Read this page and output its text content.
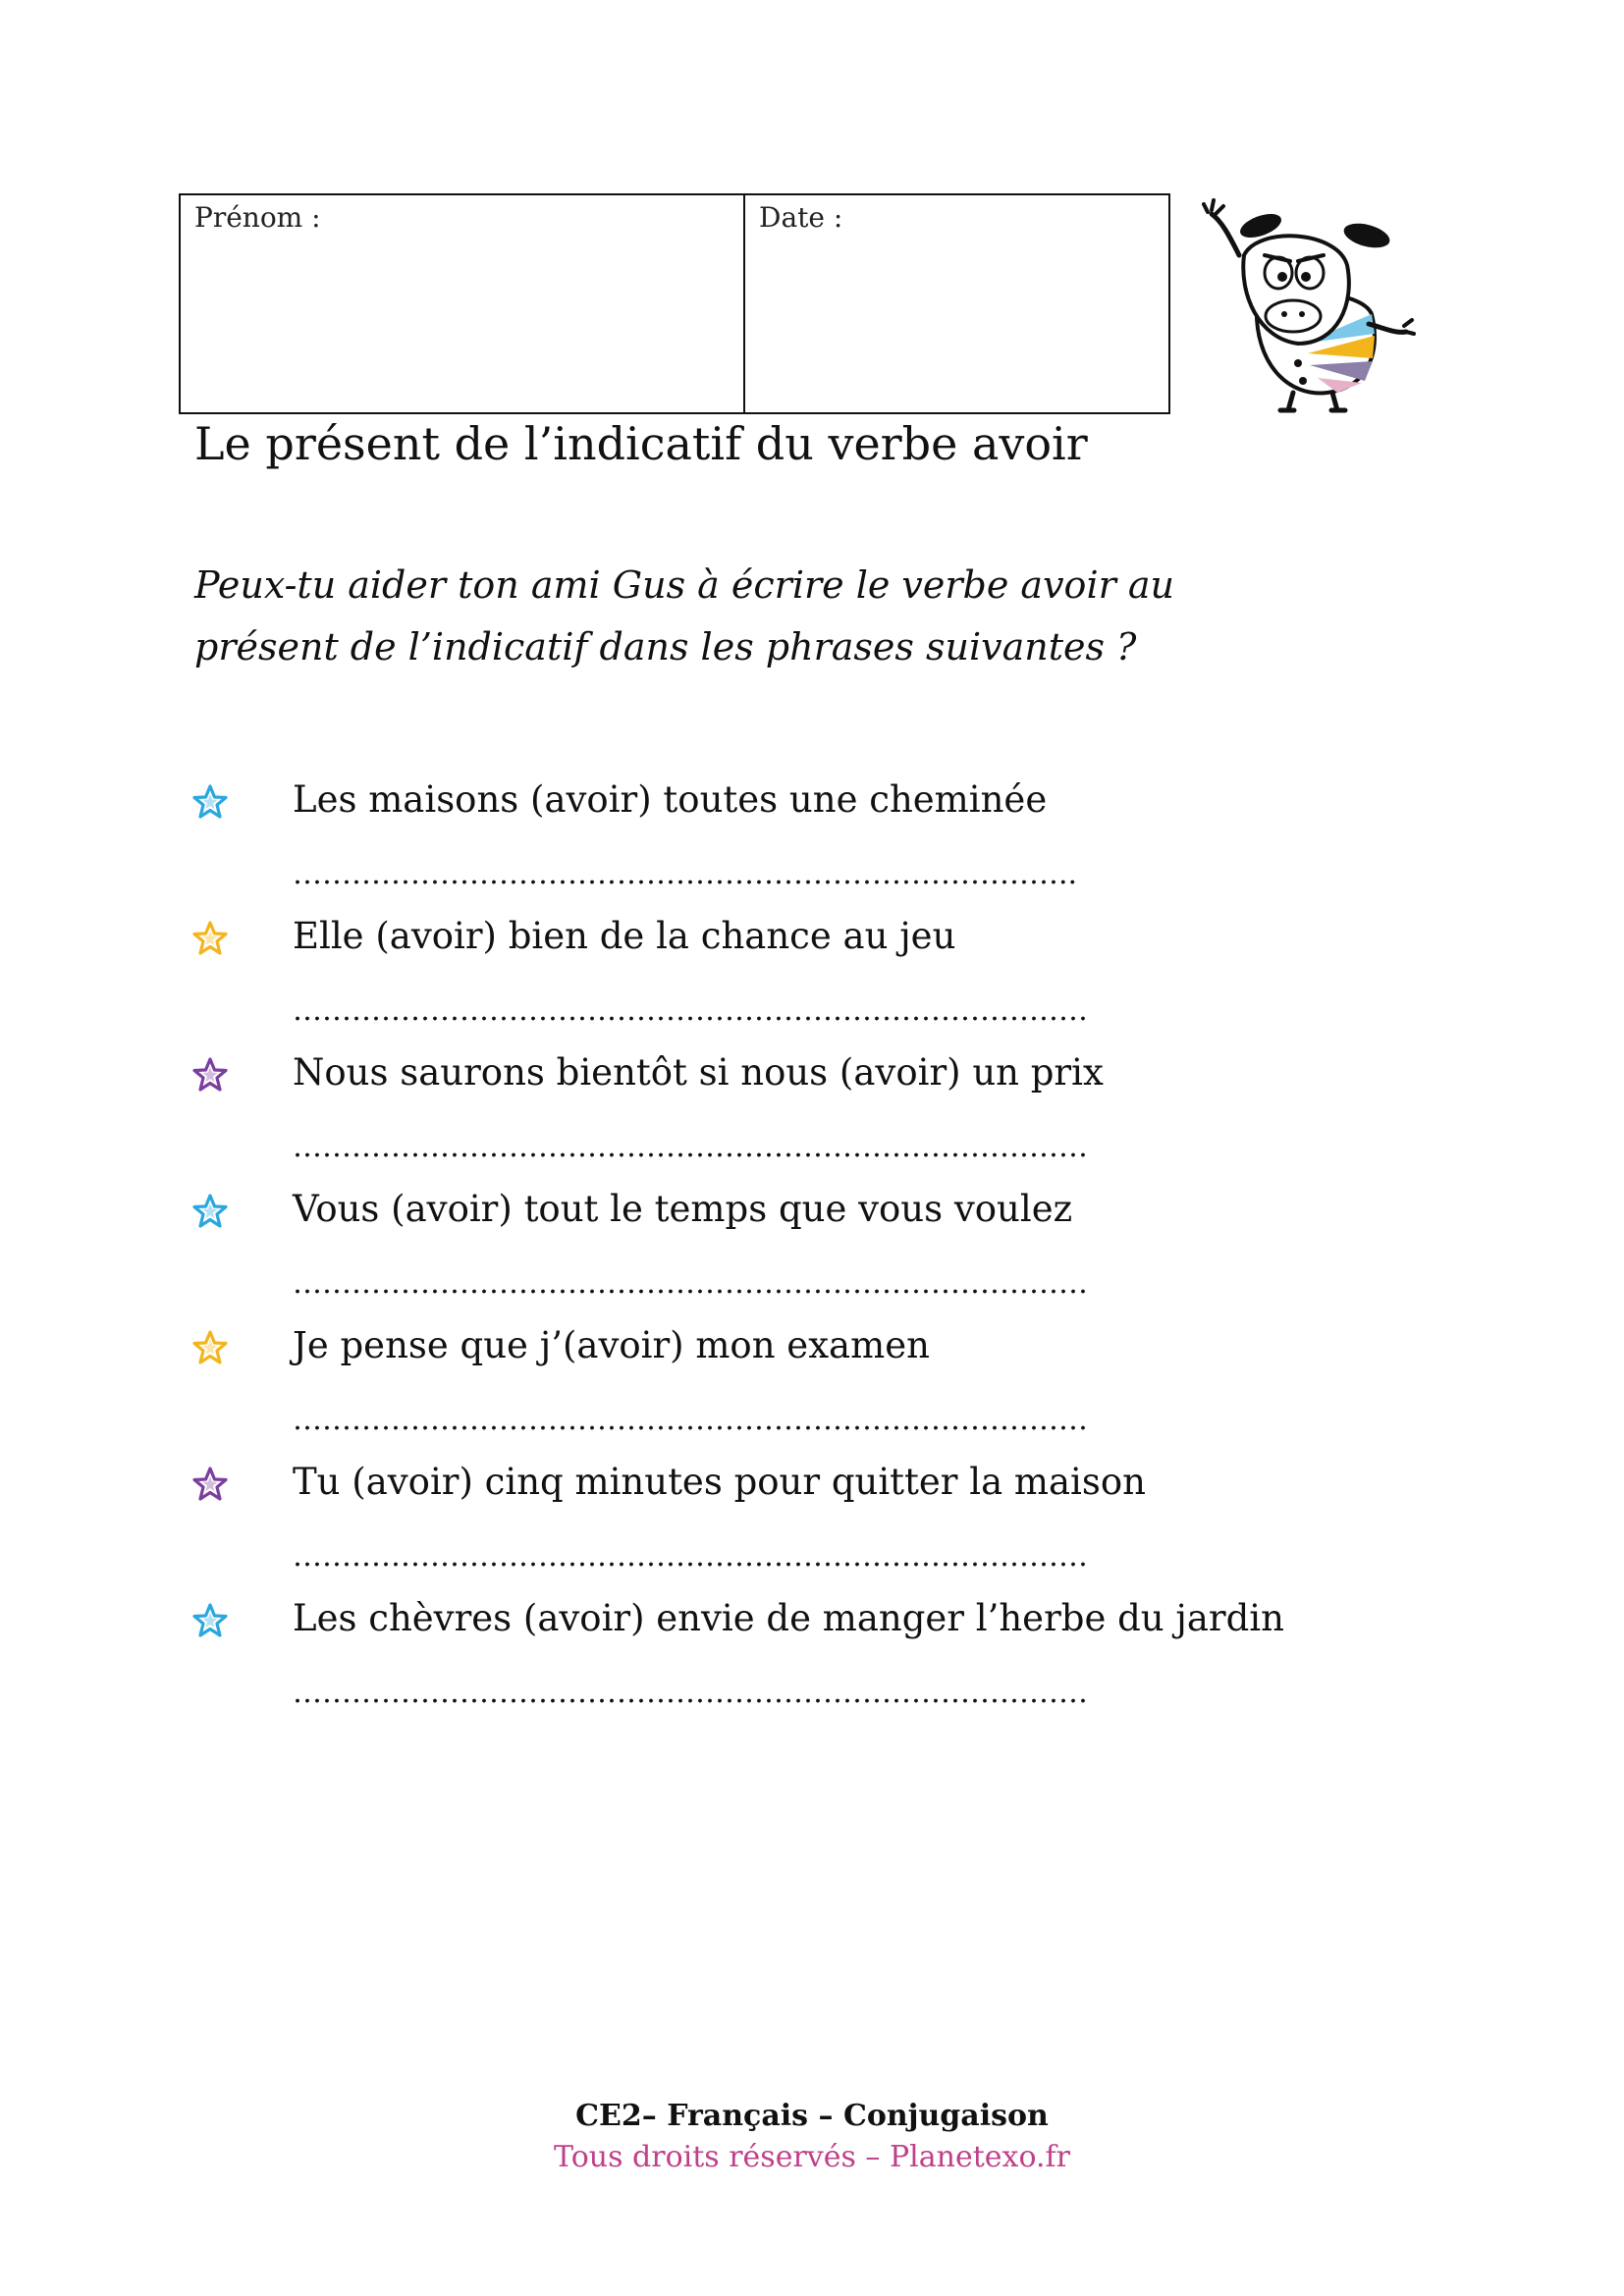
Prénom :	Date :
Le présent de l’indicatif du verbe avoir
Peux-tu aider ton ami Gus à écrire le verbe avoir au
présent de l’indicatif dans les phrases suivantes ?
Les maisons (avoir) toutes une cheminée
……………………………………………………………………..
Elle (avoir) bien de la chance au jeu
………………………………………………………………………
Nous saurons bientôt si nous (avoir) un prix
………………………………………………………………………
Vous (avoir) tout le temps que vous voulez
………………………………………………………………………
Je pense que j’(avoir) mon examen
………………………………………………………………………
Tu (avoir) cinq minutes pour quitter la maison
………………………………………………………………………
Les chèvres (avoir) envie de manger l’herbe du jardin
………………………………………………………………………
CE2– Français – Conjugaison
Tous droits réservés – Planetexo.fr
